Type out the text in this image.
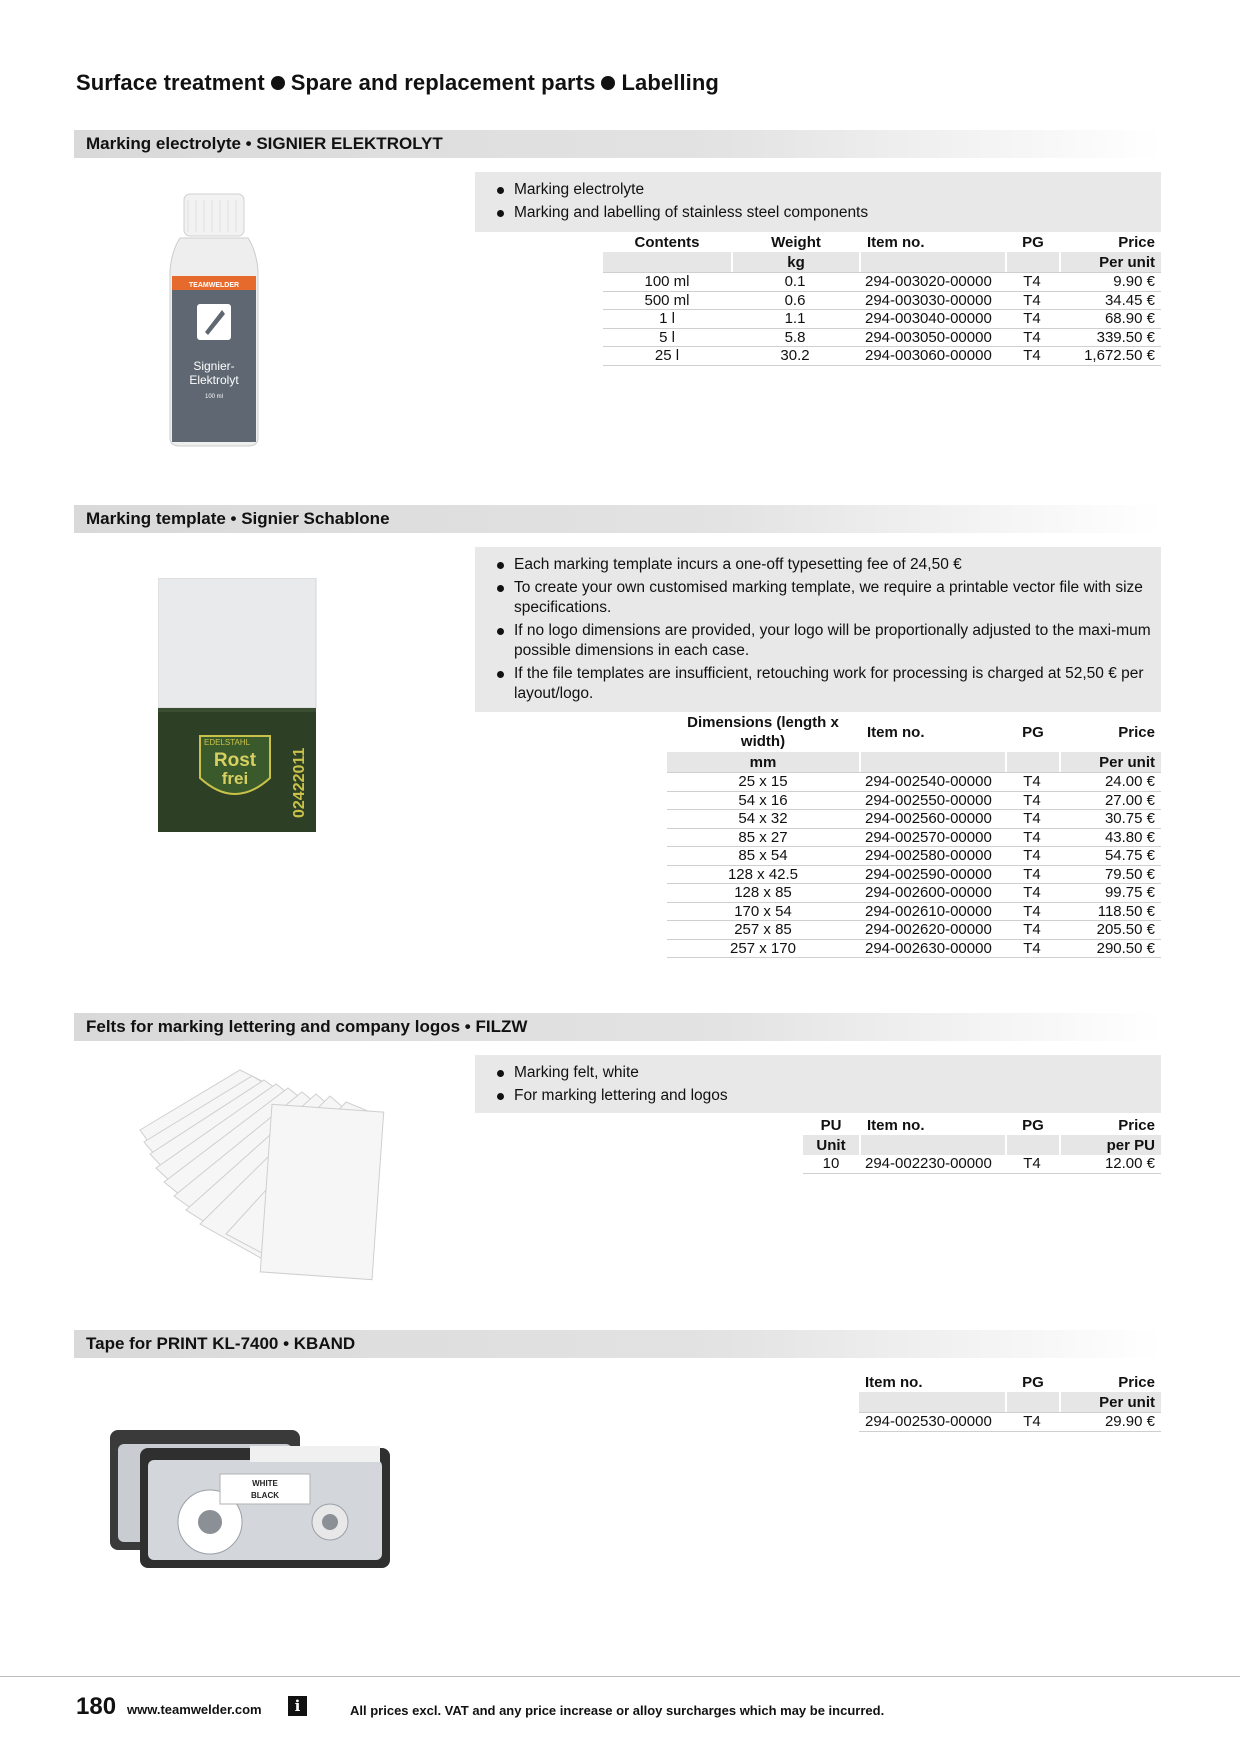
Surface treatment Spare and replacement parts Labelling
Marking electrolyte • SIGNIER ELEKTROLYT
TEAMWELDER
Signier-
Elektrolyt
100 ml
Marking electrolyte
Marking and labelling of stainless steel components
Contents	Weight	Item no.	PG	Price
	kg			Per unit
100 ml	0.1	294-003020-00000	T4	9.90 €
500 ml	0.6	294-003030-00000	T4	34.45 €
1 l	1.1	294-003040-00000	T4	68.90 €
5 l	5.8	294-003050-00000	T4	339.50 €
25 l	30.2	294-003060-00000	T4	1,672.50 €
Marking template • Signier Schablone
EDELSTAHL
Rost
frei	02422011
Each marking template incurs a one-off typesetting fee of 24,50 €
To create your own customised marking template, we require a printable vector file with size specifications.
If no logo dimensions are provided, your logo will be proportionally adjusted to the maxi-mum possible dimensions in each case.
If the file templates are insufficient, retouching work for processing is charged at 52,50 € per layout/logo.
Dimensions (length x width)	Item no.	PG	Price
mm			Per unit
25 x 15	294-002540-00000	T4	24.00 €
54 x 16	294-002550-00000	T4	27.00 €
54 x 32	294-002560-00000	T4	30.75 €
85 x 27	294-002570-00000	T4	43.80 €
85 x 54	294-002580-00000	T4	54.75 €
128 x 42.5	294-002590-00000	T4	79.50 €
128 x 85	294-002600-00000	T4	99.75 €
170 x 54	294-002610-00000	T4	118.50 €
257 x 85	294-002620-00000	T4	205.50 €
257 x 170	294-002630-00000	T4	290.50 €
Felts for marking lettering and company logos • FILZW
Marking felt, white
For marking lettering and logos
PU	Item no.	PG	Price
Unit			per PU
10	294-002230-00000	T4	12.00 €
Tape for PRINT KL-7400 • KBAND
WHITE
BLACK
Item no.	PG	Price
		Per unit
294-002530-00000	T4	29.90 €
180 www.teamwelder.com	i	All prices excl. VAT and any price increase or alloy surcharges which may be incurred.
